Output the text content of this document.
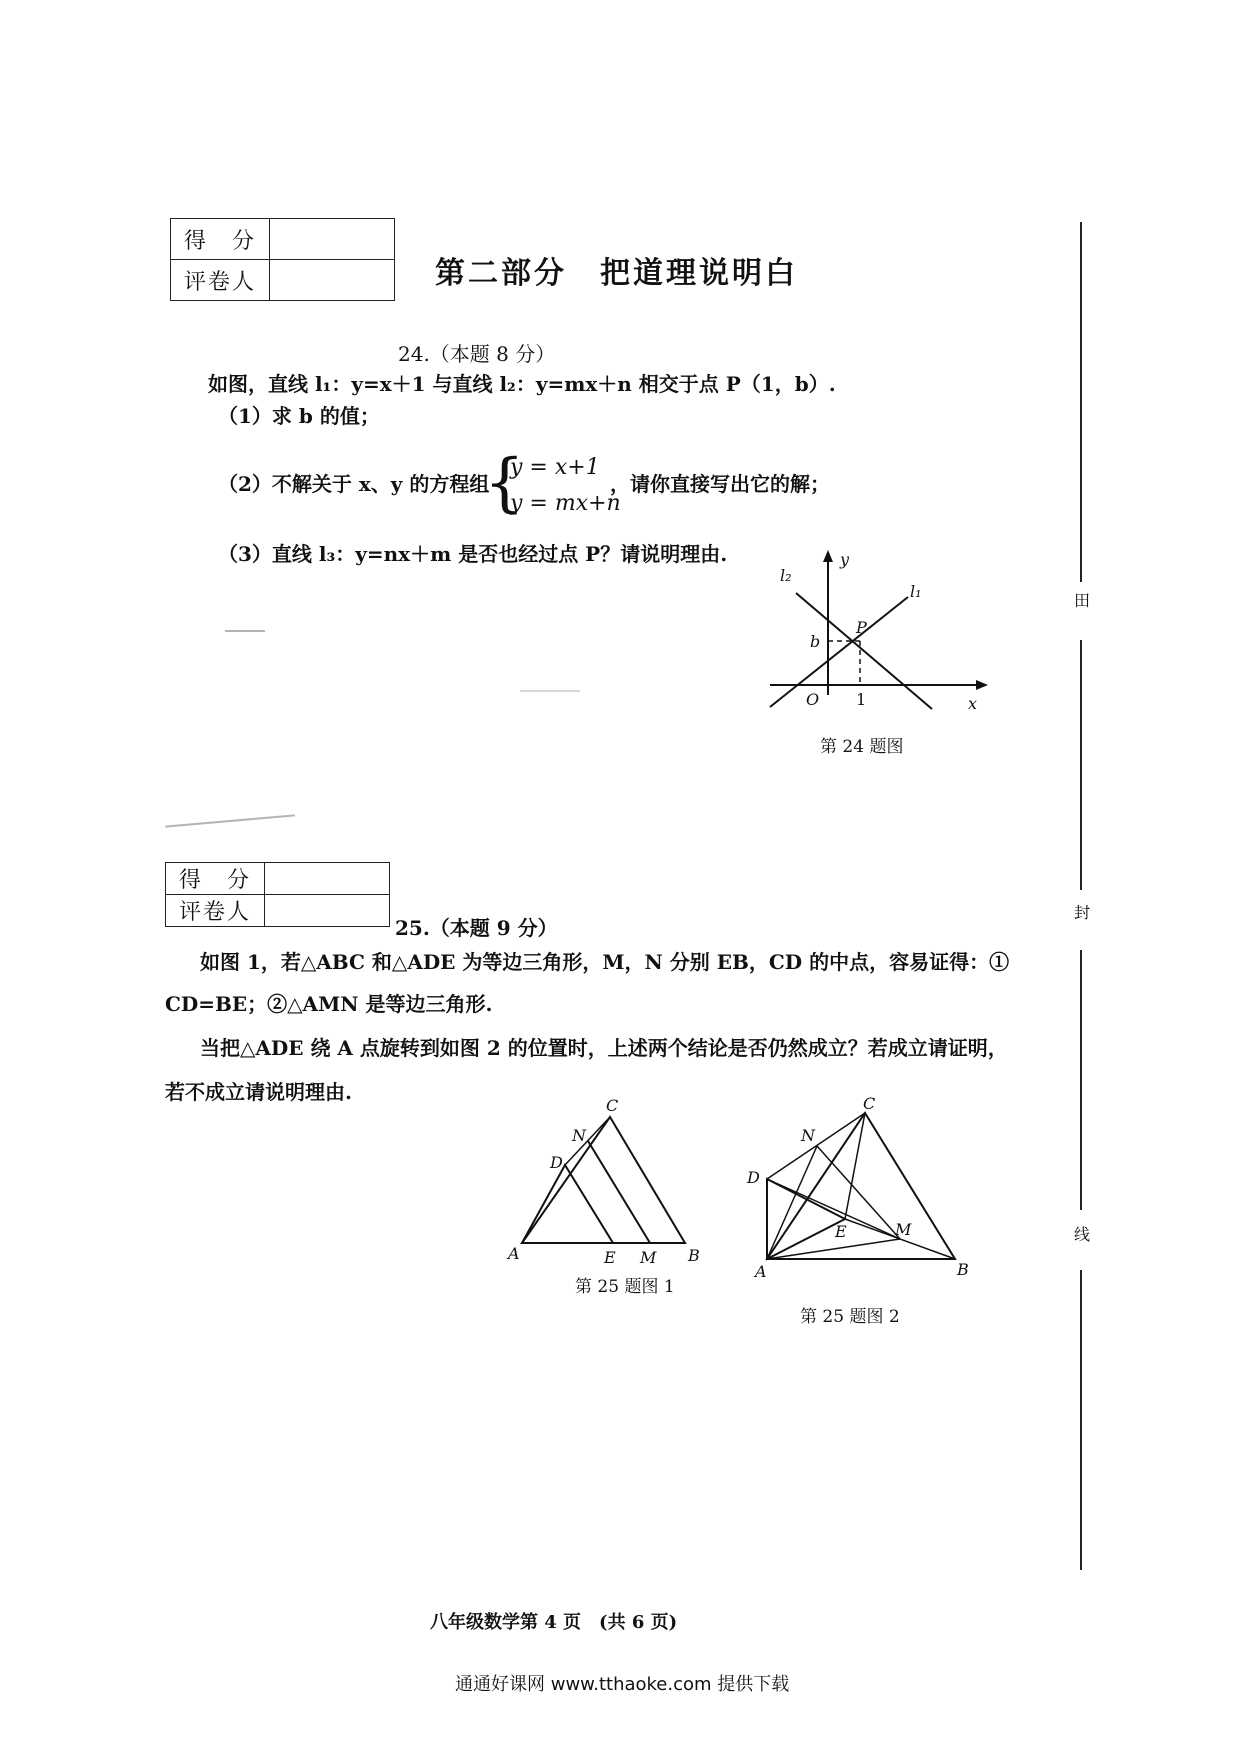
得　分	
评卷人		第二部分　把道理说明白
24.（本题 8 分）
如图，直线 l₁：y=x＋1 与直线 l₂：y=mx＋n 相交于点 P（1，b）.
（1）求 b 的值；
（2）不解关于 x、y 的方程组
{
y = x+1
y = mx+n
，请你直接写出它的解；
（3）直线 l₃：y=nx＋m 是否也经过点 P？请说明理由.	y
x
O
b
1
P
l₁
l₂
第 24 题图
得　分	
评卷人	
25.（本题 9 分）
如图 1，若△ABC 和△ADE 为等边三角形，M，N 分别 EB，CD 的中点，容易证得：①
CD=BE；②△AMN 是等边三角形.
当把△ADE 绕 A 点旋转到如图 2 的位置时，上述两个结论是否仍然成立？若成立请证明，
若不成立请说明理由.
A	B
C
D
E M
N
第 25 题图 1
A	B
C
D
E	M
N
第 25 题图 2
田
封
线
八年级数学第 4 页　(共 6 页)
通通好课网 www.tthaoke.com 提供下载
